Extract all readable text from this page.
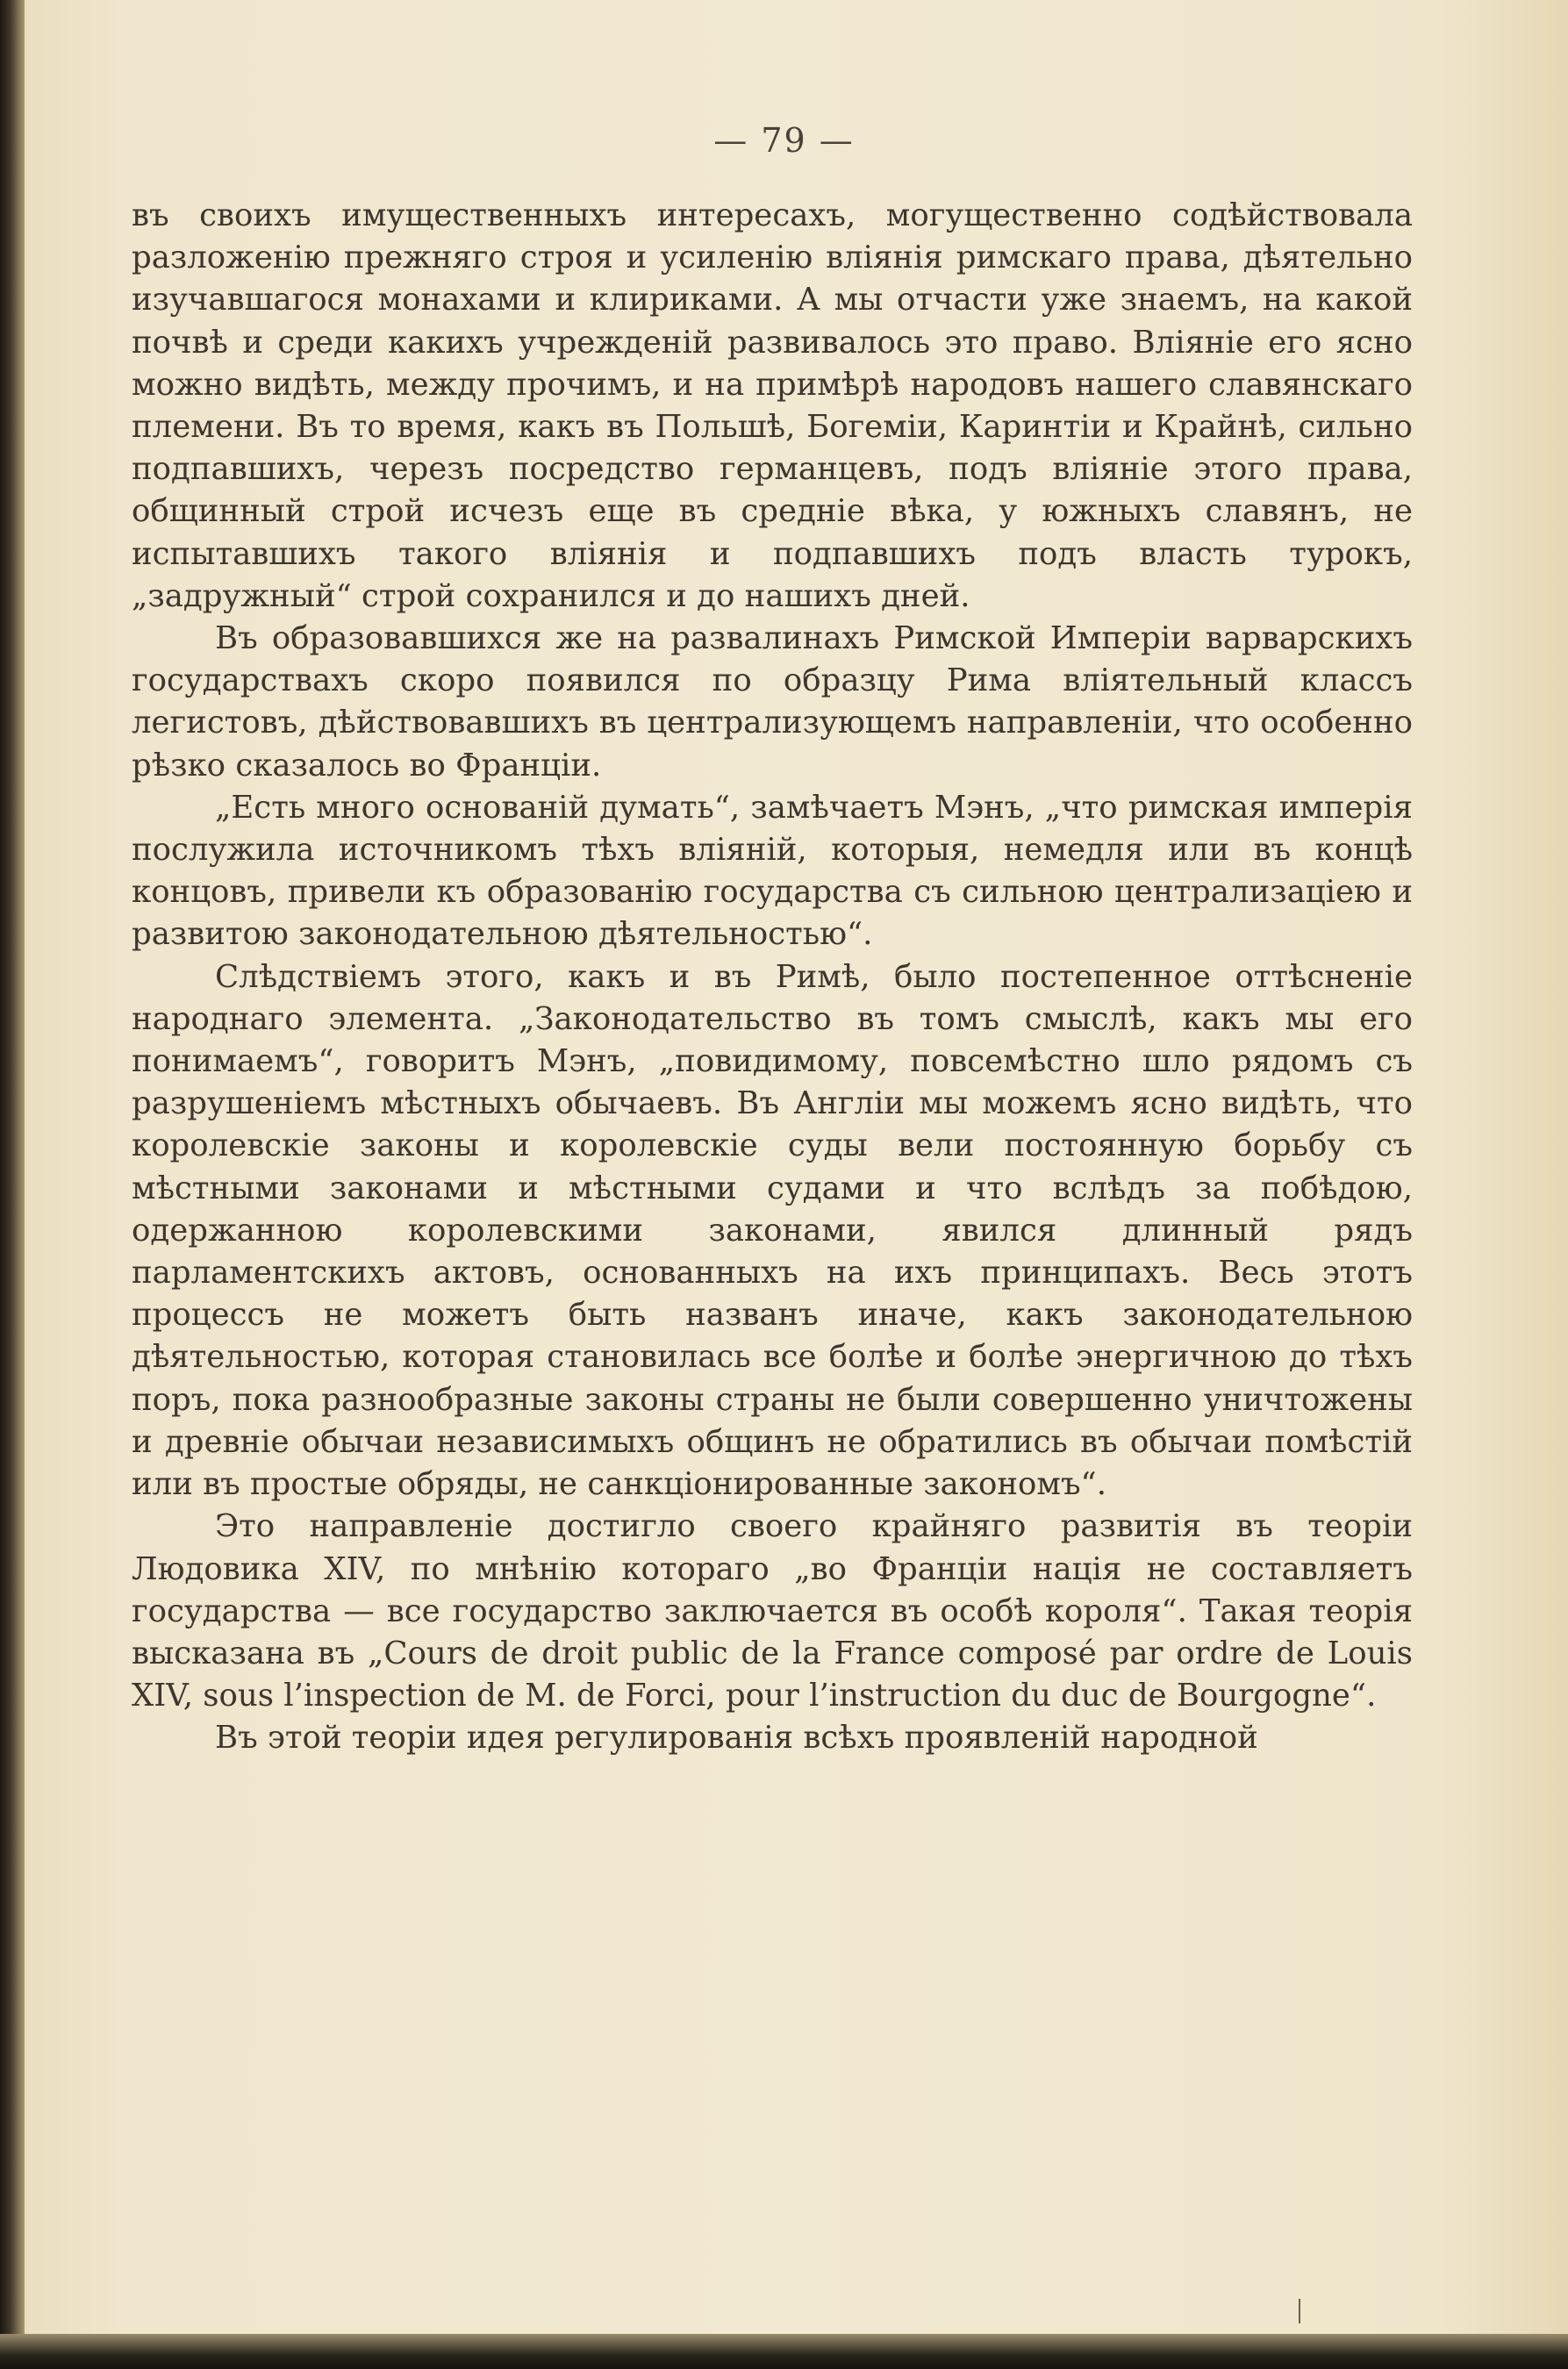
— 79 —

въ своихъ имущественныхъ интересахъ, могущественно содѣйствовала разложенію прежняго строя и усиленію вліянія римскаго права, дѣятельно изучавшагося монахами и клириками. А мы отчасти уже знаемъ, на какой почвѣ и среди какихъ учрежденій развивалось это право. Вліяніе его ясно можно видѣть, между прочимъ, и на примѣрѣ народовъ нашего славянскаго племени. Въ то время, какъ въ Польшѣ, Богеміи, Каринтіи и Крайнѣ, сильно подпавшихъ, черезъ посредство германцевъ, подъ вліяніе этого права, общинный строй исчезъ еще въ средніе вѣка, у южныхъ славянъ, не испытавшихъ такого вліянія и подпавшихъ подъ власть турокъ, „задружный“ строй сохранился и до нашихъ дней.

Въ образовавшихся же на развалинахъ Римской Имперіи варварскихъ государствахъ скоро появился по образцу Рима вліятельный классъ легистовъ, дѣйствовавшихъ въ централизующемъ направленіи, что особенно рѣзко сказалось во Франціи.

„Есть много основаній думать“, замѣчаетъ Мэнъ, „что римская имперія послужила источникомъ тѣхъ вліяній, которыя, немедля или въ концѣ концовъ, привели къ образованію государства съ сильною централизаціею и развитою законодательною дѣятельностью“.

Слѣдствіемъ этого, какъ и въ Римѣ, было постепенное оттѣсненіе народнаго элемента. „Законодательство въ томъ смыслѣ, какъ мы его понимаемъ“, говоритъ Мэнъ, „повидимому, повсемѣстно шло рядомъ съ разрушеніемъ мѣстныхъ обычаевъ. Въ Англіи мы можемъ ясно видѣть, что королевскіе законы и королевскіе суды вели постоянную борьбу съ мѣстными законами и мѣстными судами и что вслѣдъ за побѣдою, одержанною королевскими законами, явился длинный рядъ парламентскихъ актовъ, основанныхъ на ихъ принципахъ. Весь этотъ процессъ не можетъ быть названъ иначе, какъ законодательною дѣятельностью, которая становилась все болѣе и болѣе энергичною до тѣхъ поръ, пока разнообразные законы страны не были совершенно уничтожены и древніе обычаи независимыхъ общинъ не обратились въ обычаи помѣстій или въ простые обряды, не санкціонированные закономъ“.

Это направленіе достигло своего крайняго развитія въ теоріи Людовика XIV, по мнѣнію котораго „во Франціи нація не составляетъ государства — все государство заключается въ особѣ короля“. Такая теорія высказана въ „Cours de droit public de la France composé par ordre de Louis XIV, sous l’inspection de M. de Forci, pour l’instruction du duc de Bourgogne“.

Въ этой теоріи идея регулированія всѣхъ проявленій народной
